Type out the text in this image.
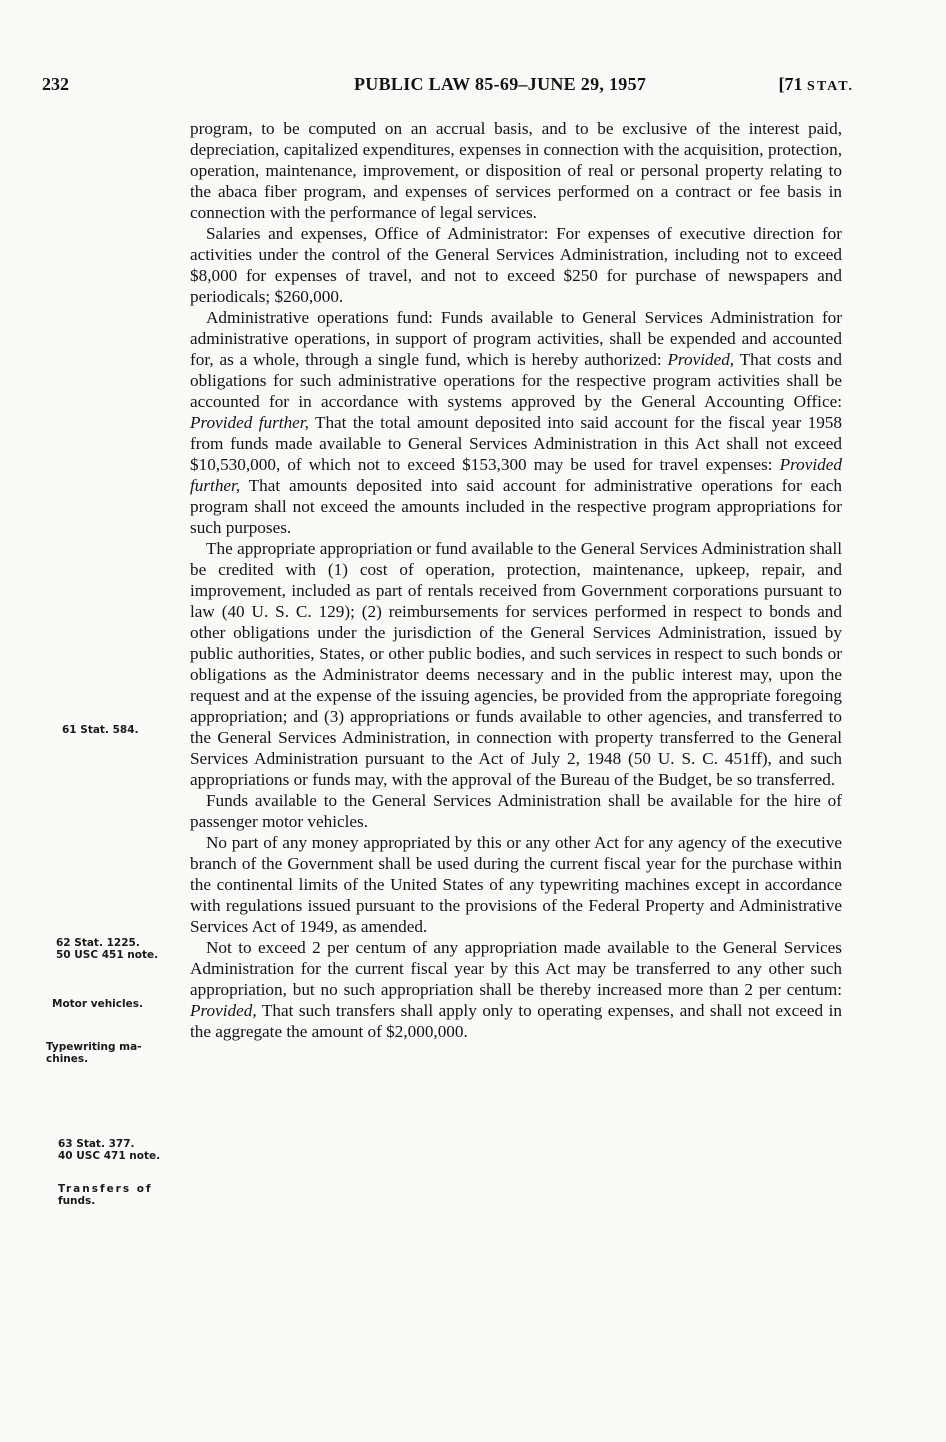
232	PUBLIC LAW 85-69–JUNE 29, 1957	[71 STAT.

program, to be computed on an accrual basis, and to be exclusive of the interest paid, depreciation, capitalized expenditures, expenses in connection with the acquisition, protection, operation, maintenance, improvement, or disposition of real or personal property relating to the abaca fiber program, and expenses of services performed on a contract or fee basis in connection with the performance of legal services.

Salaries and expenses, Office of Administrator: For expenses of executive direction for activities under the control of the General Services Administration, including not to exceed $8,000 for expenses of travel, and not to exceed $250 for purchase of newspapers and periodicals; $260,000.

Administrative operations fund: Funds available to General Services Administration for administrative operations, in support of program activities, shall be expended and accounted for, as a whole, through a single fund, which is hereby authorized: Provided, That costs and obligations for such administrative operations for the respective program activities shall be accounted for in accordance with systems approved by the General Accounting Office: Provided further, That the total amount deposited into said account for the fiscal year 1958 from funds made available to General Services Administration in this Act shall not exceed $10,530,000, of which not to exceed $153,300 may be used for travel expenses: Provided further, That amounts deposited into said account for administrative operations for each program shall not exceed the amounts included in the respective program appropriations for such purposes.

The appropriate appropriation or fund available to the General Services Administration shall be credited with (1) cost of operation, protection, maintenance, upkeep, repair, and improvement, included as part of rentals received from Government corporations pursuant to law (40 U. S. C. 129); (2) reimbursements for services performed in respect to bonds and other obligations under the jurisdiction of the General Services Administration, issued by public authorities, States, or other public bodies, and such services in respect to such bonds or obligations as the Administrator deems necessary and in the public interest may, upon the request and at the expense of the issuing agencies, be provided from the appropriate foregoing appropriation; and (3) appropriations or funds available to other agencies, and transferred to the General Services Administration, in connection with property transferred to the General Services Administration pursuant to the Act of July 2, 1948 (50 U. S. C. 451ff), and such appropriations or funds may, with the approval of the Bureau of the Budget, be so transferred.

Funds available to the General Services Administration shall be available for the hire of passenger motor vehicles.

No part of any money appropriated by this or any other Act for any agency of the executive branch of the Government shall be used during the current fiscal year for the purchase within the continental limits of the United States of any typewriting machines except in accordance with regulations issued pursuant to the provisions of the Federal Property and Administrative Services Act of 1949, as amended.

Not to exceed 2 per centum of any appropriation made available to the General Services Administration for the current fiscal year by this Act may be transferred to any other such appropriation, but no such appropriation shall be thereby increased more than 2 per centum: Provided, That such transfers shall apply only to operating expenses, and shall not exceed in the aggregate the amount of $2,000,000.

61 Stat. 584.
62 Stat. 1225.
50 USC 451 note.
Motor vehicles.
Typewriting ma-
chines.
63 Stat. 377.
40 USC 471 note.
Transfers of
funds.
